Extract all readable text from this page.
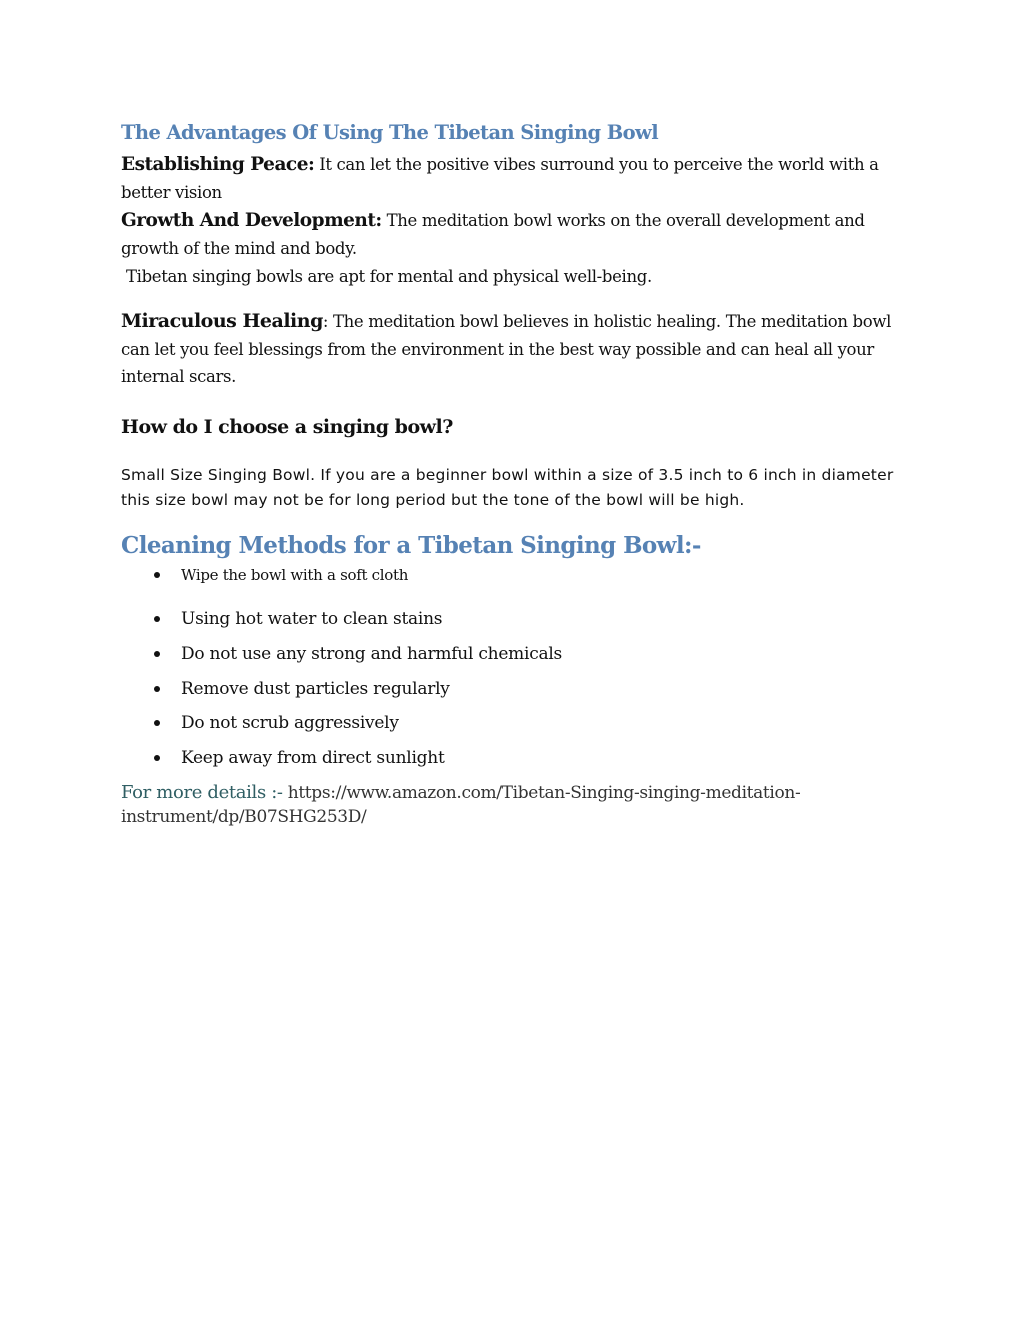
The Advantages Of Using The Tibetan Singing Bowl
Establishing Peace: It can let the positive vibes surround you to perceive the world with a better vision
Growth And Development: The meditation bowl works on the overall development and growth of the mind and body.
Tibetan singing bowls are apt for mental and physical well-being.
Miraculous Healing: The meditation bowl believes in holistic healing. The meditation bowl can let you feel blessings from the environment in the best way possible and can heal all your internal scars.
How do I choose a singing bowl?
Small Size Singing Bowl. If you are a beginner bowl within a size of 3.5 inch to 6 inch in diameter this size bowl may not be for long period but the tone of the bowl will be high.
Cleaning Methods for a Tibetan Singing Bowl:-
Wipe the bowl with a soft cloth
Using hot water to clean stains
Do not use any strong and harmful chemicals
Remove dust particles regularly
Do not scrub aggressively
Keep away from direct sunlight
For more details :- https://www.amazon.com/Tibetan-Singing-singing-meditation-instrument/dp/B07SHG253D/
